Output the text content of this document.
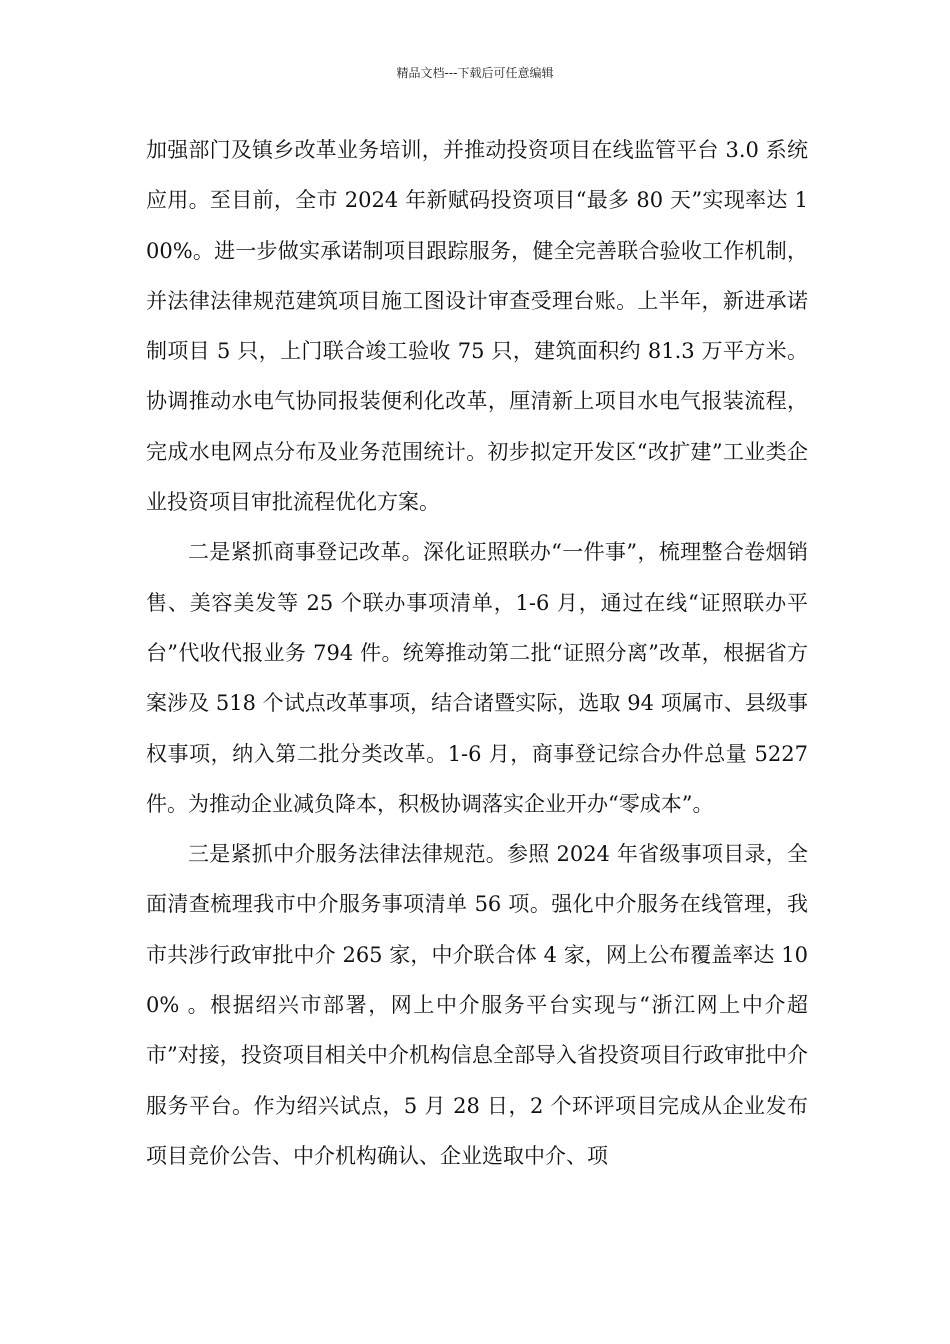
精品文档---下载后可任意编辑

加强部门及镇乡改革业务培训，并推动投资项目在线监管平台 3.0 系统应用。至目前，全市 2024 年新赋码投资项目“最多 80 天”实现率达 100%。进一步做实承诺制项目跟踪服务，健全完善联合验收工作机制，并法律法律规范建筑项目施工图设计审查受理台账。上半年，新进承诺制项目 5 只，上门联合竣工验收 75 只，建筑面积约 81.3 万平方米。协调推动水电气协同报装便利化改革，厘清新上项目水电气报装流程，完成水电网点分布及业务范围统计。初步拟定开发区“改扩建”工业类企业投资项目审批流程优化方案。

二是紧抓商事登记改革。深化证照联办“一件事”，梳理整合卷烟销售、美容美发等 25 个联办事项清单，1-6 月，通过在线“证照联办平台”代收代报业务 794 件。统筹推动第二批“证照分离”改革，根据省方案涉及 518 个试点改革事项，结合诸暨实际，选取 94 项属市、县级事权事项，纳入第二批分类改革。1-6 月，商事登记综合办件总量 5227 件。为推动企业减负降本，积极协调落实企业开办“零成本”。

三是紧抓中介服务法律法律规范。参照 2024 年省级事项目录，全面清查梳理我市中介服务事项清单 56 项。强化中介服务在线管理，我市共涉行政审批中介 265 家，中介联合体 4 家，网上公布覆盖率达 100% 。根据绍兴市部署，网上中介服务平台实现与“浙江网上中介超市”对接，投资项目相关中介机构信息全部导入省投资项目行政审批中介服务平台。作为绍兴试点，5 月 28 日，2 个环评项目完成从企业发布项目竞价公告、中介机构确认、企业选取中介、项
